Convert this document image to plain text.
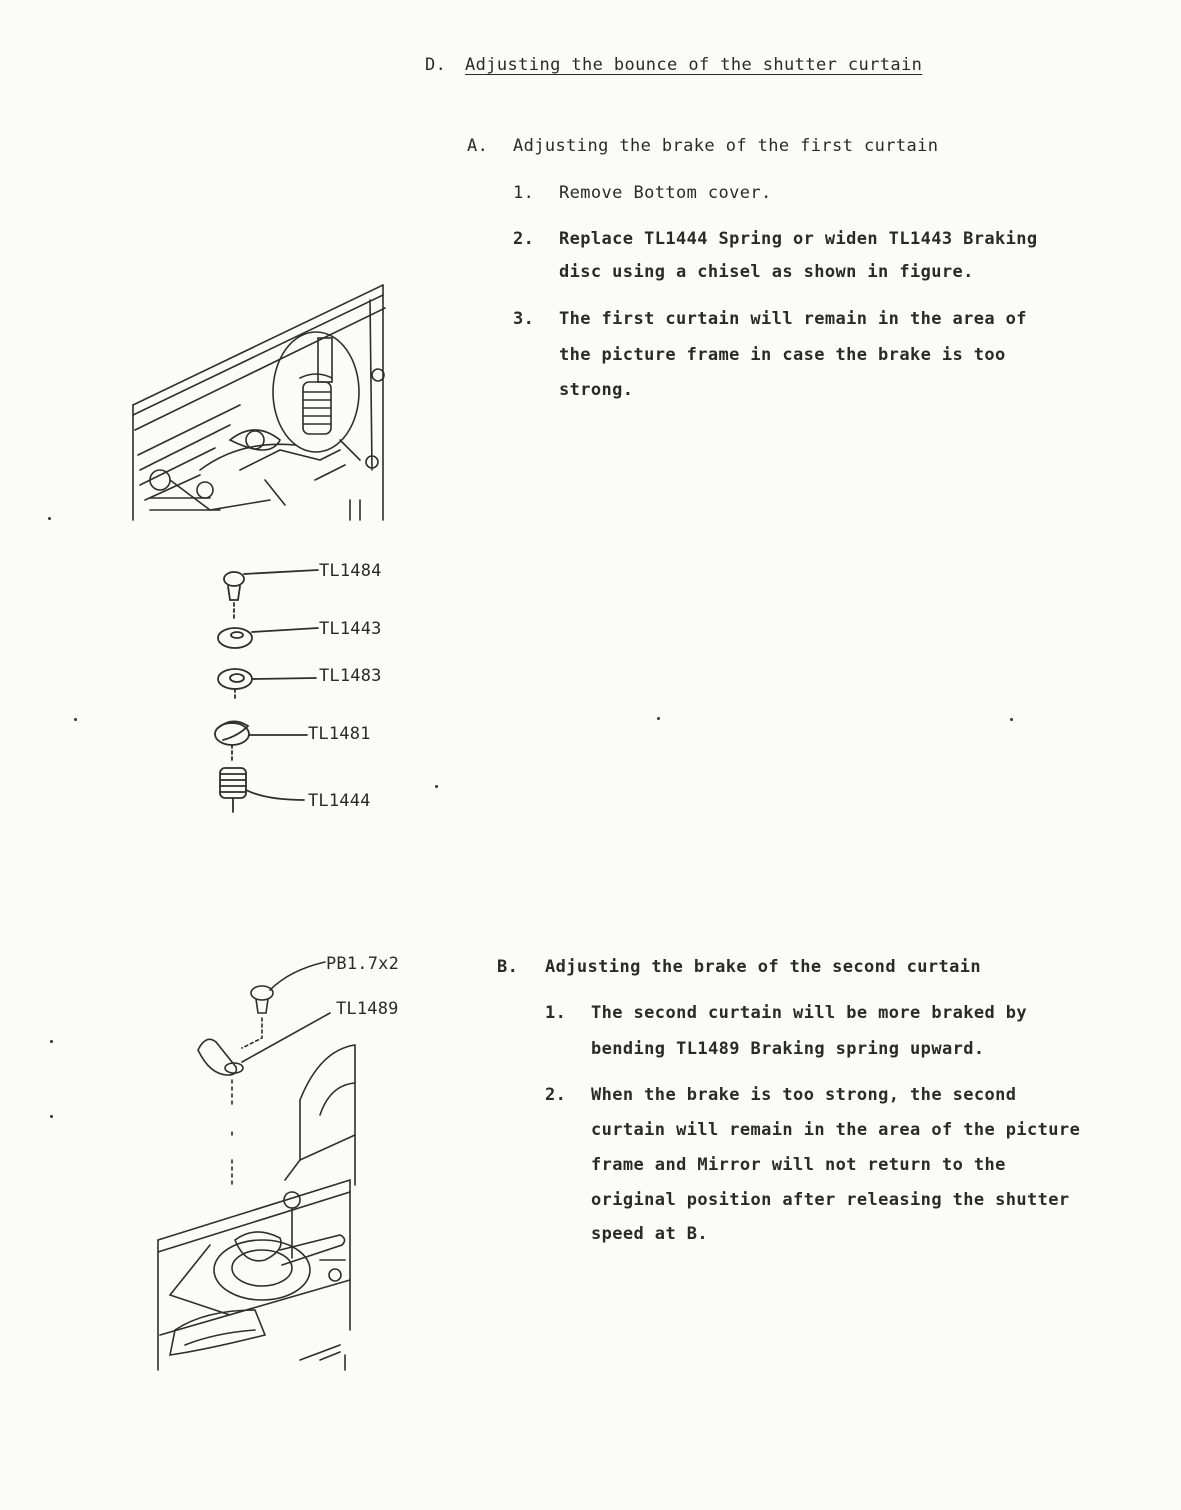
D. Adjusting the bounce of the shutter curtain
A. Adjusting the brake of the first curtain
1. Remove Bottom cover.
2. Replace TL1444 Spring or widen TL1443 Braking
disc using a chisel as shown in figure.
3. The first curtain will remain in the area of
the picture frame in case the brake is too
strong.
B. Adjusting the brake of the second curtain
1. The second curtain will be more braked by
bending TL1489 Braking spring upward.
2. When the brake is too strong, the second
curtain will remain in the area of the picture
frame and Mirror will not return to the
original position after releasing the shutter
speed at B.
TL1484
TL1443
TL1483
TL1481
TL1444
PB1.7x2
TL1489
